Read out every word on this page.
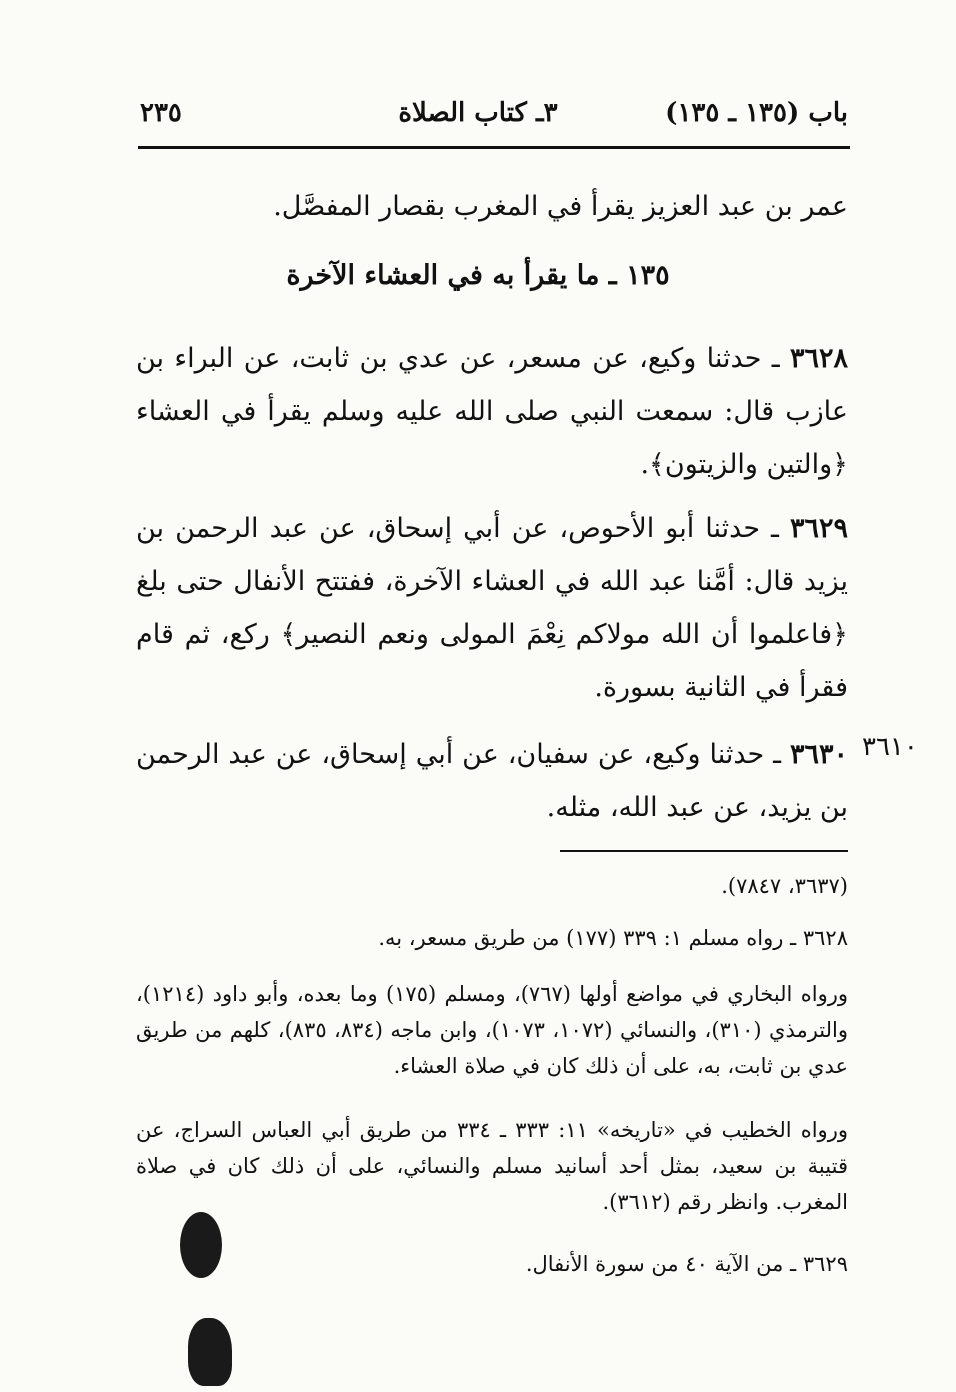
باب (١٣٥ ـ ١٣٥)
٣ـ كتاب الصلاة
٢٣٥
عمر بن عبد العزيز يقرأ في المغرب بقصار المفصَّل.
١٣٥ ـ ما يقرأ به في العشاء الآخرة
٣٦٢٨ ـ حدثنا وكيع، عن مسعر، عن عدي بن ثابت، عن البراء بن عازب قال: سمعت النبي صلى الله عليه وسلم يقرأ في العشاء ﴿والتين والزيتون﴾.
٣٦٢٩ ـ حدثنا أبو الأحوص، عن أبي إسحاق، عن عبد الرحمن بن يزيد قال: أمَّنا عبد الله في العشاء الآخرة، ففتتح الأنفال حتى بلغ ﴿فاعلموا أن الله مولاكم نِعْمَ المولى ونعم النصير﴾ ركع، ثم قام فقرأ في الثانية بسورة.
٣٦٣٠ ـ حدثنا وكيع، عن سفيان، عن أبي إسحاق، عن عبد الرحمن بن يزيد، عن عبد الله، مثله.
٣٦١٠
(٣٦٣٧، ٧٨٤٧).
٣٦٢٨ ـ رواه مسلم ١: ٣٣٩ (١٧٧) من طريق مسعر، به.
ورواه البخاري في مواضع أولها (٧٦٧)، ومسلم (١٧٥) وما بعده، وأبو داود (١٢١٤)، والترمذي (٣١٠)، والنسائي (١٠٧٢، ١٠٧٣)، وابن ماجه (٨٣٤، ٨٣٥)، كلهم من طريق عدي بن ثابت، به، على أن ذلك كان في صلاة العشاء.
ورواه الخطيب في «تاريخه» ١١: ٣٣٣ ـ ٣٣٤ من طريق أبي العباس السراج، عن قتيبة بن سعيد، بمثل أحد أسانيد مسلم والنسائي، على أن ذلك كان في صلاة المغرب. وانظر رقم (٣٦١٢).
٣٦٢٩ ـ من الآية ٤٠ من سورة الأنفال.
